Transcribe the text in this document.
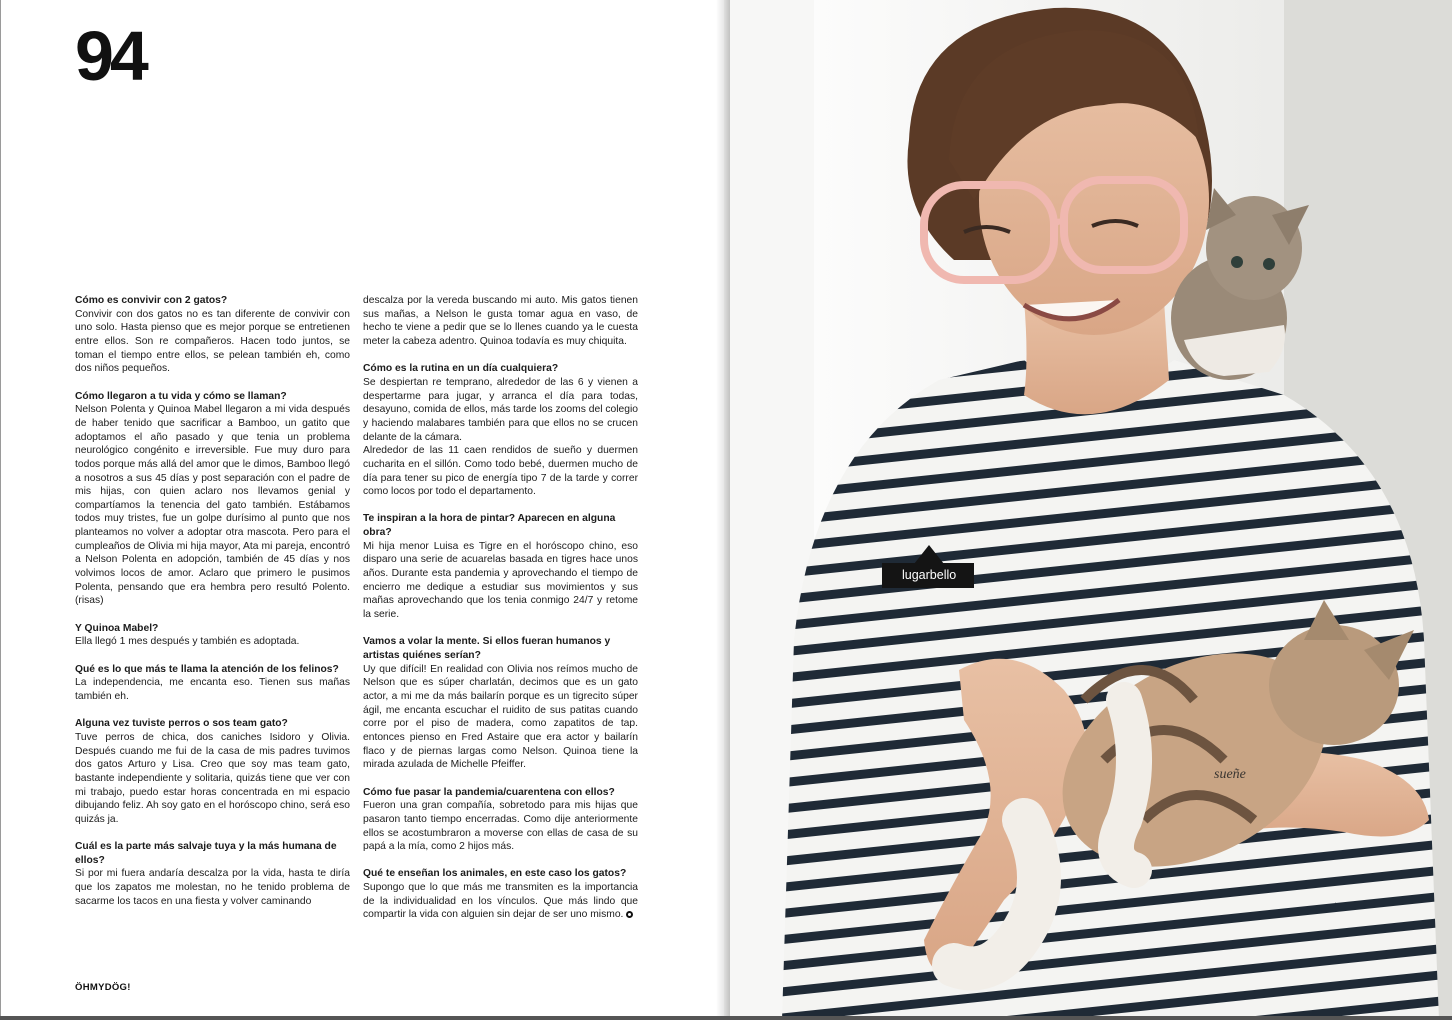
94

Cómo es convivir con 2 gatos?

Convivir con dos gatos no es tan diferente de convivir con uno solo. Hasta pienso que es mejor porque se entretienen entre ellos. Son re compañeros. Hacen todo juntos, se toman el tiempo entre ellos, se pelean también eh, como dos niños pequeños.

Cómo llegaron a tu vida y cómo se llaman?

Nelson Polenta y Quinoa Mabel llegaron a mi vida después de haber tenido que sacrificar a Bamboo, un gatito que adoptamos el año pasado y que tenia un problema neurológico congénito e irreversible. Fue muy duro para todos porque más allá del amor que le dimos, Bamboo llegó a nosotros a sus 45 días y post separación con el padre de mis hijas, con quien aclaro nos llevamos genial y compartíamos la tenencia del gato también. Estábamos todos muy tristes, fue un golpe durísimo al punto que nos planteamos no volver a adoptar otra mascota. Pero para el cumpleaños de Olivia mi hija mayor, Ata mi pareja, encontró a Nelson Polenta en adopción, también de 45 días y nos volvimos locos de amor. Aclaro que primero le pusimos Polenta, pensando que era hembra pero resultó Polento.(risas)

Y Quinoa Mabel?

Ella llegó 1 mes después y también es adoptada.

Qué es lo que más te llama la atención de los felinos?

La independencia, me encanta eso. Tienen sus mañas también eh.

Alguna vez tuviste perros o sos team gato?

Tuve perros de chica, dos caniches Isidoro y Olivia. Después cuando me fui de la casa de mis padres tuvimos dos gatos Arturo y Lisa. Creo que soy mas team gato, bastante independiente y solitaria, quizás tiene que ver con mi trabajo, puedo estar horas concentrada en mi espacio dibujando feliz. Ah soy gato en el horóscopo chino, será eso quizás ja.

Cuál es la parte más salvaje tuya y la más humana de ellos?

Si por mi fuera andaría descalza por la vida, hasta te diría que los zapatos me molestan, no he tenido problema de sacarme los tacos en una fiesta y volver caminando

descalza por la vereda buscando mi auto. Mis gatos tienen sus mañas, a Nelson le gusta tomar agua en vaso, de hecho te viene a pedir que se lo llenes cuando ya le cuesta meter la cabeza adentro. Quinoa todavía es muy chiquita.

Cómo es la rutina en un día cualquiera?

Se despiertan re temprano, alrededor de las 6 y vienen a despertarme para jugar, y arranca el día para todas, desayuno, comida de ellos, más tarde los zooms del colegio y haciendo malabares también para que ellos no se crucen delante de la cámara.
Alrededor de las 11 caen rendidos de sueño y duermen cucharita en el sillón. Como todo bebé, duermen mucho de día para tener su pico de energía tipo 7 de la tarde y correr como locos por todo el departamento.

Te inspiran a la hora de pintar? Aparecen en alguna obra?

Mi hija menor Luisa es Tigre en el horóscopo chino, eso disparo una serie de acuarelas basada en tigres hace unos años. Durante esta pandemia y aprovechando el tiempo de encierro me dedique a estudiar sus movimientos y sus mañas aprovechando que los tenia conmigo 24/7 y retome la serie.

Vamos a volar la mente. Si ellos fueran humanos y artistas quiénes serían?

Uy que difícil! En realidad con Olivia nos reímos mucho de Nelson que es súper charlatán, decimos que es un gato actor, a mi me da más bailarín porque es un tigrecito súper ágil, me encanta escuchar el ruidito de sus patitas cuando corre por el piso de madera, como zapatitos de tap. entonces pienso en Fred Astaire que era actor y bailarín flaco y de piernas largas como Nelson. Quinoa tiene la mirada azulada de Michelle Pfeiffer.

Cómo fue pasar la pandemia/cuarentena con ellos?

Fueron una gran compañía, sobretodo para mis hijas que pasaron tanto tiempo encerradas. Como dije anteriormente ellos se acostumbraron a moverse con ellas de casa de su papá a la mía, como 2 hijos más.

Qué te enseñan los animales, en este caso los gatos?

Supongo que lo que más me transmiten es la importancia de la individualidad en los vínculos. Que más lindo que compartir la vida con alguien sin dejar de ser uno mismo.

ÖHMYDÖG!
sueñe
lugarbello
